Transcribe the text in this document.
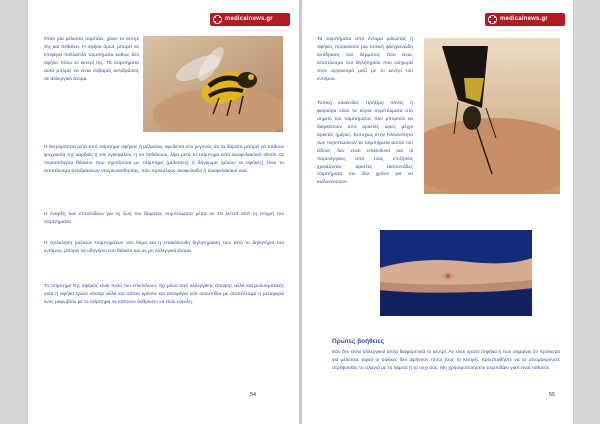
medicalnews.gr

Όταν μία μέλισσα τσιμπάει, χάνει το κεντρί της και πεθαίνει. Η σφήκα όμως μπορεί να επιφέρει πολλαπλά τσιμπήματα καθώς δεν αφήνει πίσω το κεντρί της. Τα τσιμπήματα αυτά μπορεί να είναι σοβαρές αντιδράσεις σε αλλεργικά άτομα.

Η θνησιμότητα μετά από τσίμπημα σφήκας ή μέλισσας οφείλεται στο γεγονός ότι τα θύματα μπορεί να πάθουν ψυχρασία της καρδιάς ή του εγκεφάλου, η να πεθάνουν, λίγα μετά το τσίμπημα από αναφυλακτικό shock. Οι περισσότεροι θάνατοι που σχετίζονται με τσίμπημα (μέλισσες) ή δάγκωμα (μόνον οι σφήκες) είναι το αποτέλεσμα αντιδράσεων υπερευαισθησίας, που προκαλούν αναφυλαξία ή αναφυλακτικό σοκ.

Η έναρξη των επεισοδίων για τη ζωή του θύματος συμπτώματα μέσα σε 10 λεπτά από τη στιγμή του τσιμπήματος.

Η πρόκληση μαζικών τσιμπημάτων στο θύμα και η επακόλουθη δηλητηρίαση του, από το δηλητήριο του εντόμου, μπορεί να οδηγήσει στο θάνατο και σε μη αλλεργικά άτομα.

Το τσίμπημα της σφήκας είναι πολύ πιο επικίνδυνο, όχι μόνο από αλλεργικής άποψης αλλά και μολυσματικής γιατί η σφήκα τρώει νέκταρ αλλά και σάπια κρέατα και αποφάγια στα σκουπίδια με αποτέλεσμα η μεταφορά ενός μικροβίου με το τσίμπημα σε κάποιον άνθρωπο να είναι εύκολη.

54
medicalnews.gr

Τα τσιμπήματα από έντομα μιλώντας ή σφήκες προκαλούν μια τοπική φλεγμονώδη αντίδραση του δέρματος που είναι, αποτέλεσμα του δηλητηρίου που εισχωρεί στον οργανισμό μαζί με το κεντρί του εντόμου.

Τοπική κοκκινίλα, πρήξιμο πόνος ή φαγούρα είναι τα κύρια συμπτώματα στο σημείο του τσιμπήματος που μπορούν να διαρκέσουν από αρκετές ώρες μέχρι αρκετές ημέρες. Ευτυχώς στην πλειονότητα των περιπτώσεων τα τσιμπήματα αυτού του είδους δεν είναι επικίνδυνα και οι παρενέργειες από τους επιζήσεις χρειάζονται αρκετές εκατοντάδες τσιμπήματα τον ίδιο χρόνο για να κινδυνεύσουν.

Πρώτες βοήθειες

Εάν δεν είστε αλλεργικοί απλά διαφορετικά το κεντρί. Αν είναι ορατό (σφήκα ή που σημαίνει ότι πρόκειται για μέλισσα, αφού οι σφήκες δεν αφήνουν πίσω τους το κεντρί), προσπαθήστε να το απομακρύνετε στρέψοντάς το πλαγιά με τη λάμπα ή το νύχι σας. Μη χρησιμοποιήσετε τσιμπιδάκι γιατί είναι πιθανόν

55
